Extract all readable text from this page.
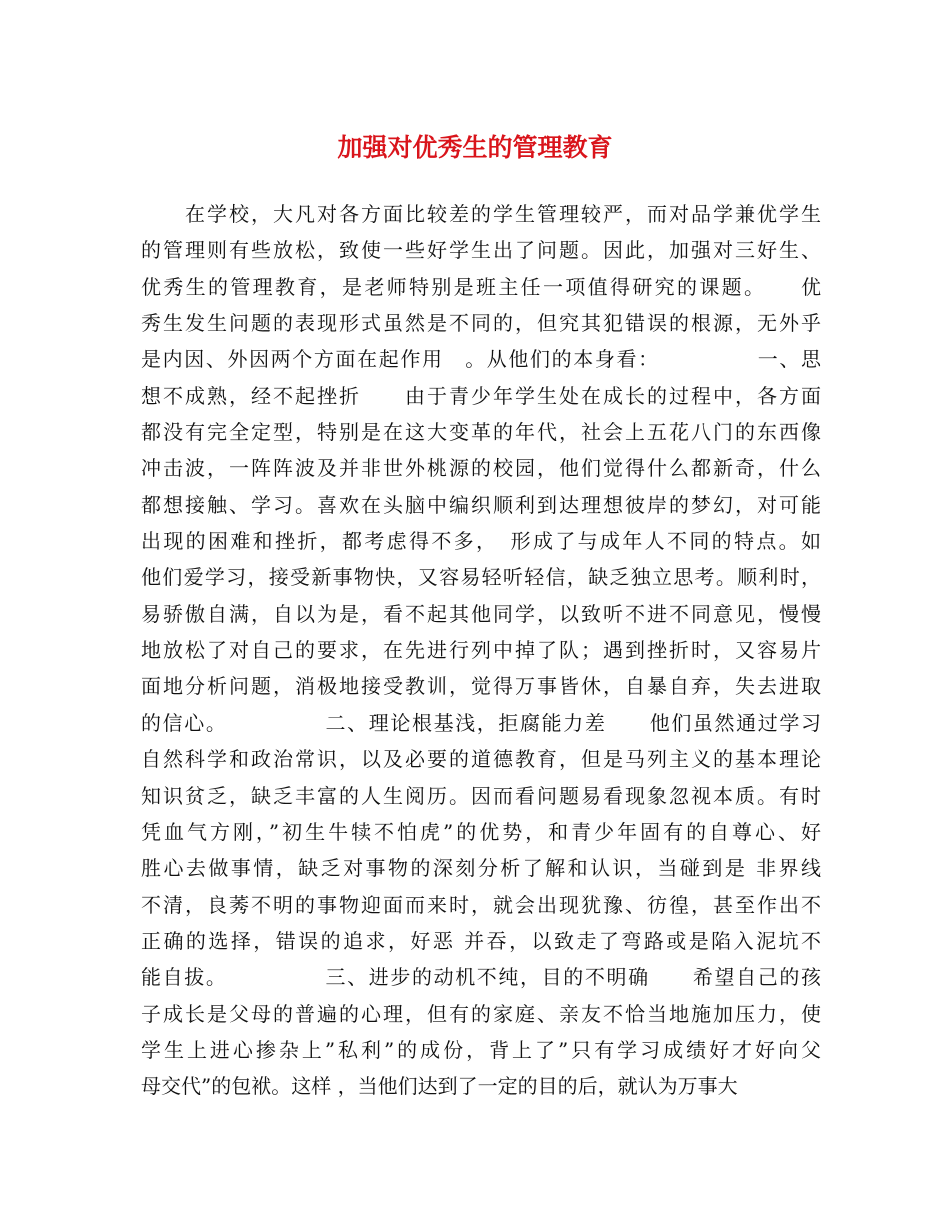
加强对优秀生的管理教育
　　在学校，大凡对各方面比较差的学生管理较严，而对品学兼优学生
的管理则有些放松，致使一些好学生出了问题。因此，加强对三好生、
优秀生的管理教育，是老师特别是班主任一项值得研究的课题。　　优
秀生发生问题的表现形式虽然是不同的，但究其犯错误的根源，无外乎
是内因、外因两个方面在起作用　。从他们的本身看：　　　　　一、思
想不成熟，经不起挫折　　由于青少年学生处在成长的过程中，各方面
都没有完全定型，特别是在这大变革的年代，社会上五花八门的东西像
冲击波，一阵阵波及并非世外桃源的校园，他们觉得什么都新奇，什么
都想接触、学习。喜欢在头脑中编织顺利到达理想彼岸的梦幻，对可能
出现的困难和挫折，都考虑得不多，　形成了与成年人不同的特点。如
他们爱学习，接受新事物快，又容易轻听轻信，缺乏独立思考。顺利时，
易骄傲自满，自以为是，看不起其他同学，以致听不进不同意见，慢慢
地放松了对自己的要求，在先进行列中掉了队；遇到挫折时，又容易片
面地分析问题，消极地接受教训，觉得万事皆休，自暴自弃，失去进取
的信心。　　　　　二、理论根基浅，拒腐能力差　　他们虽然通过学习
自然科学和政治常识，以及必要的道德教育，但是马列主义的基本理论
知识贫乏，缺乏丰富的人生阅历。因而看问题易看现象忽视本质。有时
凭血气方刚，”初生牛犊不怕虎”的优势，和青少年固有的自尊心、好
胜心去做事情，缺乏对事物的深刻分析了解和认识，当碰到是 非界线
不清，良莠不明的事物迎面而来时，就会出现犹豫、彷徨，甚至作出不
正确的选择，错误的追求，好恶 并吞，以致走了弯路或是陷入泥坑不
能自拔。　　　　　三、进步的动机不纯，目的不明确　　希望自己的孩
子成长是父母的普遍的心理，但有的家庭、亲友不恰当地施加压力，使
学生上进心掺杂上”私利”的成份，背上了”只有学习成绩好才好向父
母交代”的包袱。这样 ，当他们达到了一定的目的后，就认为万事大
